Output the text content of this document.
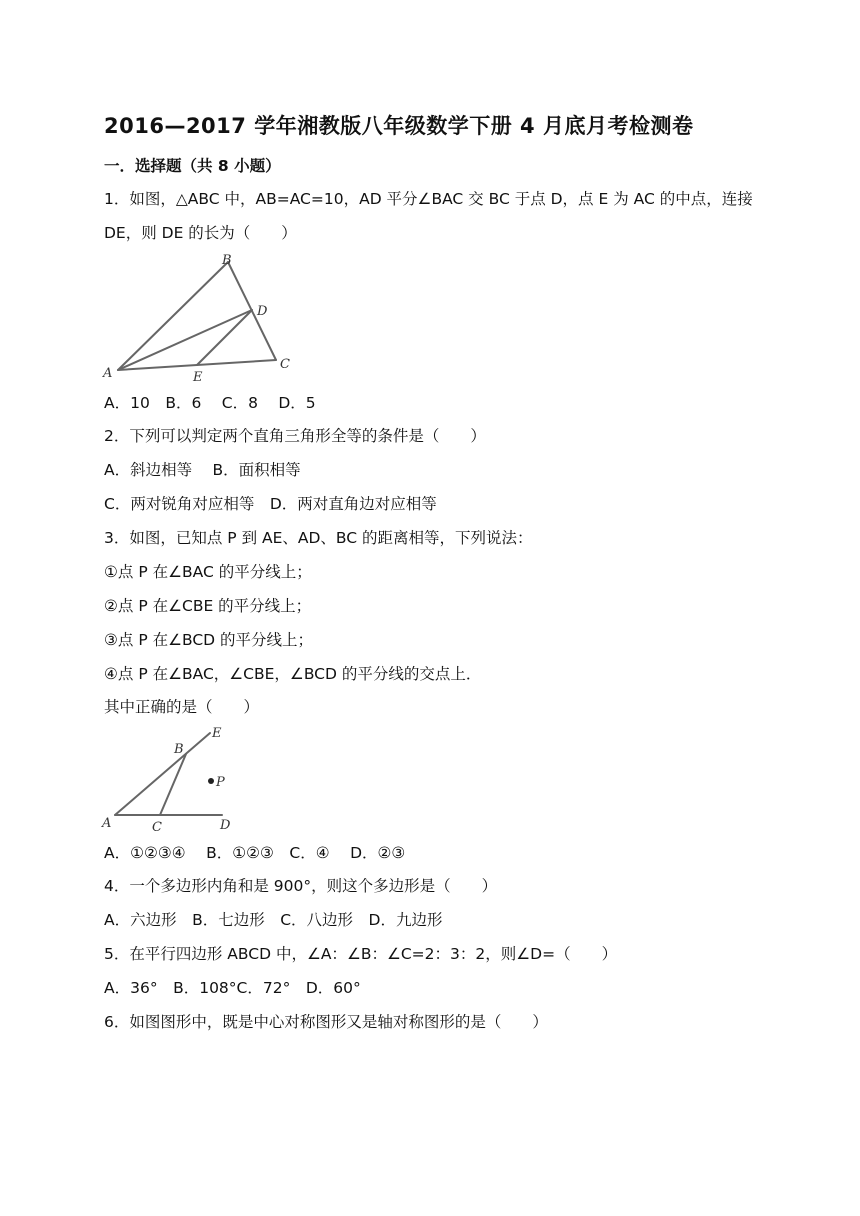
2016—2017 学年湘教版八年级数学下册 4 月底月考检测卷
一．选择题（共 8 小题）
1．如图，△ABC 中，AB=AC=10，AD 平分∠BAC 交 BC 于点 D，点 E 为 AC 的中点，连接
DE，则 DE 的长为（　　）
A
B
C
D
E
A．10　B．6　 C．8　 D．5
2．下列可以判定两个直角三角形全等的条件是（　　）
A．斜边相等　 B．面积相等
C．两对锐角对应相等　D．两对直角边对应相等
3．如图，已知点 P 到 AE、AD、BC 的距离相等，下列说法：
①点 P 在∠BAC 的平分线上；
②点 P 在∠CBE 的平分线上；
③点 P 在∠BCD 的平分线上；
④点 P 在∠BAC，∠CBE，∠BCD 的平分线的交点上．
其中正确的是（　　）
A
B
C	D
E
P
A．①②③④　 B．①②③　C．④　 D．②③
4．一个多边形内角和是 900°，则这个多边形是（　　）
A．六边形　B．七边形　C．八边形　D．九边形
5．在平行四边形 ABCD 中，∠A：∠B：∠C=2：3：2，则∠D=（　　）
A．36°　B．108°C．72°　D．60°
6．如图图形中，既是中心对称图形又是轴对称图形的是（　　）
